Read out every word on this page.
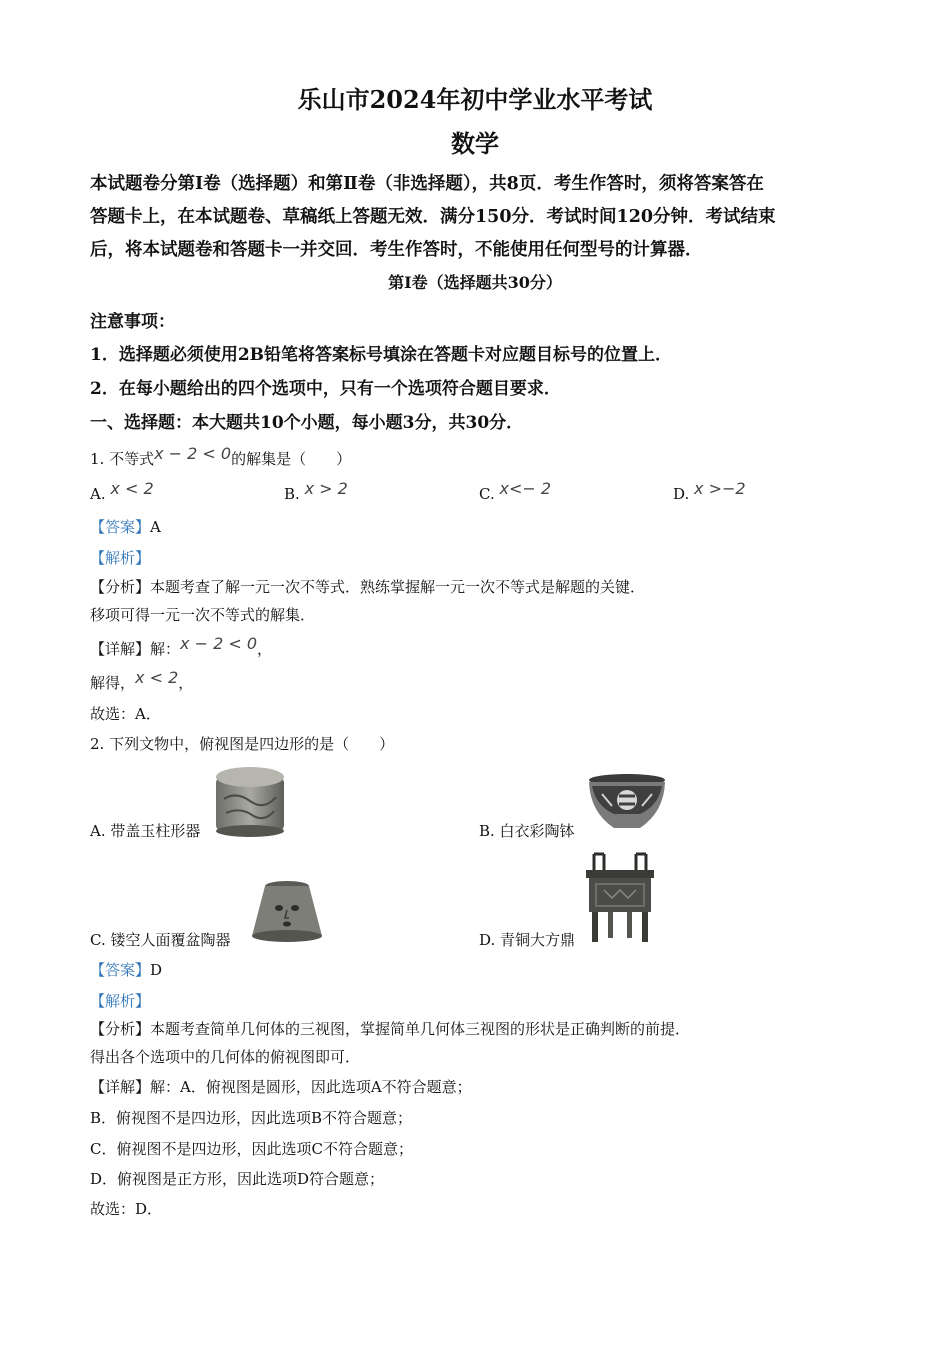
乐山市2024年初中学业水平考试
数学
本试题卷分第Ⅰ卷（选择题）和第Ⅱ卷（非选择题），共8页．考生作答时，须将答案答在
答题卡上，在本试题卷、草稿纸上答题无效．满分150分．考试时间120分钟．考试结束
后，将本试题卷和答题卡一并交回．考生作答时，不能使用任何型号的计算器．
第Ⅰ卷（选择题共30分）
注意事项：
1．选择题必须使用2B铅笔将答案标号填涂在答题卡对应题目标号的位置上．
2．在每小题给出的四个选项中，只有一个选项符合题目要求．
一、选择题：本大题共10个小题，每小题3分，共30分．
1. 不等式x − 2 < 0的解集是（　　）
A. x < 2	B. x > 2	C. x<− 2	D. x >−2
【答案】A
【解析】
【分析】本题考查了解一元一次不等式．熟练掌握解一元一次不等式是解题的关键．
移项可得一元一次不等式的解集．
【详解】解：x − 2 < 0，
解得，x < 2，
故选：A．
2. 下列文物中，俯视图是四边形的是（　　）
A. 带盖玉柱形器	B. 白衣彩陶钵
C. 镂空人面覆盆陶器	D. 青铜大方鼎
【答案】D
【解析】
【分析】本题考查简单几何体的三视图，掌握简单几何体三视图的形状是正确判断的前提．
得出各个选项中的几何体的俯视图即可．
【详解】解：A．俯视图是圆形，因此选项A不符合题意；
B．俯视图不是四边形，因此选项B不符合题意；
C．俯视图不是四边形，因此选项C不符合题意；
D．俯视图是正方形，因此选项D符合题意；
故选：D．
